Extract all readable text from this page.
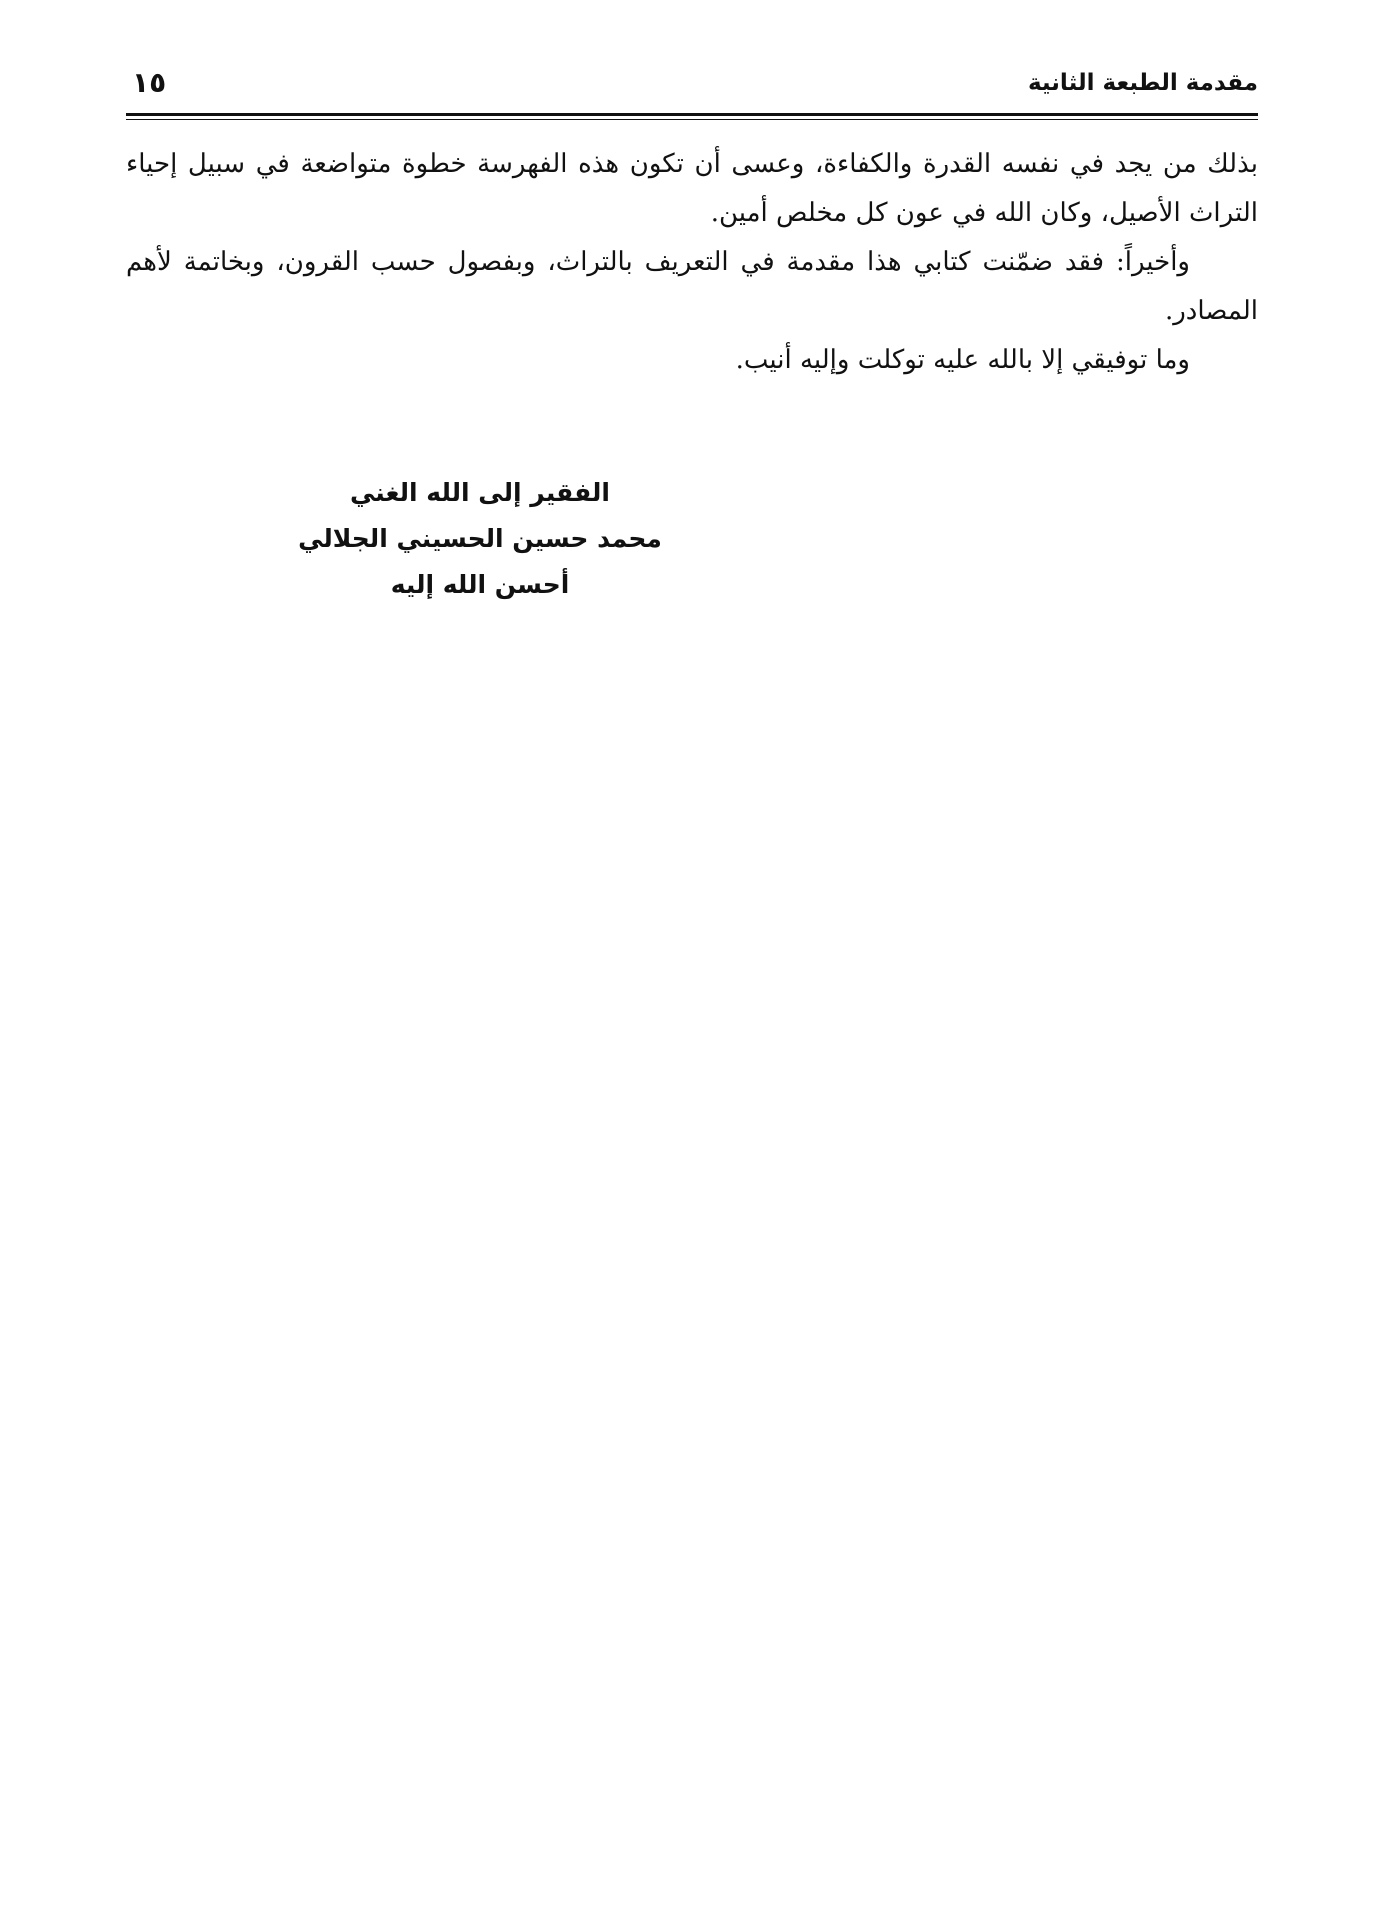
مقدمة الطبعة الثانية
١٥

بذلك من يجد في نفسه القدرة والكفاءة، وعسى أن تكون هذه الفهرسة خطوة متواضعة في سبيل إحياء التراث الأصيل، وكان الله في عون كل مخلص أمين.

وأخيراً: فقد ضمّنت كتابي هذا مقدمة في التعريف بالتراث، وبفصول حسب القرون، وبخاتمة لأهم المصادر.

وما توفيقي إلا بالله عليه توكلت وإليه أنيب.

الفقير إلى الله الغني
محمد حسين الحسيني الجلالي
أحسن الله إليه
